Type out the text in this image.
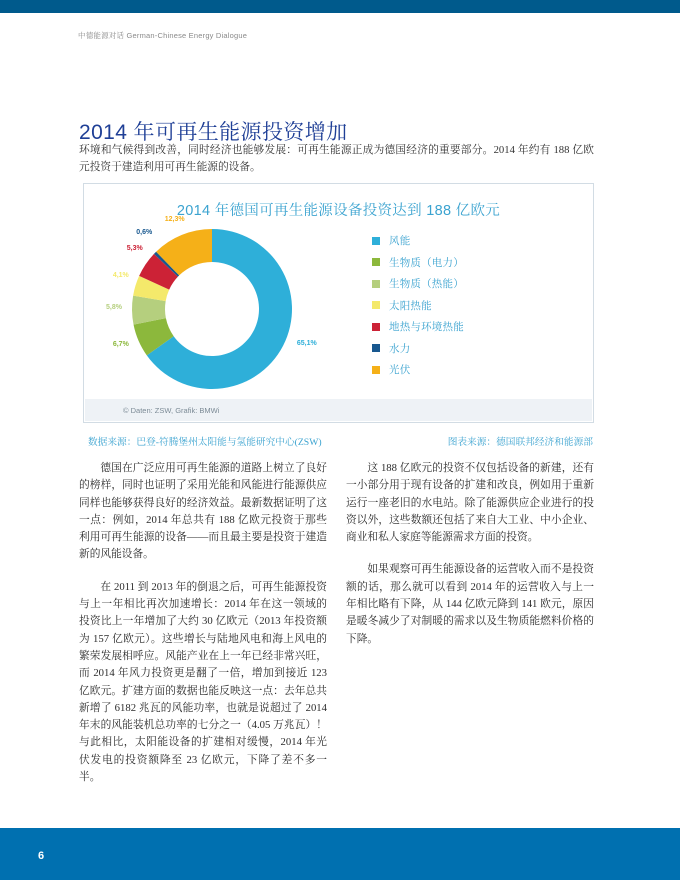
中德能源对话 German-Chinese Energy Dialogue
2014 年可再生能源投资增加
环境和气候得到改善，同时经济也能够发展：可再生能源正成为德国经济的重要部分。2014 年约有 188 亿欧元投资于建造利用可再生能源的设备。
2014 年德国可再生能源设备投资达到 188 亿欧元
65,1%
6,7%
5,8%
4,1%
5,3%
0,6%
12,3%
风能
生物质（电力）
生物质（热能）
太阳热能
地热与环境热能
水力
光伏
© Daten: ZSW, Grafik: BMWi
数据来源：巴登-符腾堡州太阳能与氢能研究中心(ZSW)	图表来源：德国联邦经济和能源部

德国在广泛应用可再生能源的道路上树立了良好的榜样，同时也证明了采用光能和风能进行能源供应同样也能够获得良好的经济效益。最新数据证明了这一点：例如，2014 年总共有 188 亿欧元投资于那些利用可再生能源的设备——而且最主要是投资于建造新的风能设备。

在 2011 到 2013 年的倒退之后，可再生能源投资与上一年相比再次加速增长：2014 年在这一领域的投资比上一年增加了大约 30 亿欧元（2013 年投资额为 157 亿欧元）。这些增长与陆地风电和海上风电的繁荣发展相呼应。风能产业在上一年已经非常兴旺，而 2014 年风力投资更是翻了一倍，增加到接近 123 亿欧元。扩建方面的数据也能反映这一点：去年总共新增了 6182 兆瓦的风能功率，也就是说超过了 2014 年末的风能装机总功率的七分之一（4.05 万兆瓦）！与此相比，太阳能设备的扩建相对缓慢，2014 年光伏发电的投资额降至 23 亿欧元，下降了差不多一半。

这 188 亿欧元的投资不仅包括设备的新建，还有一小部分用于现有设备的扩建和改良，例如用于重新运行一座老旧的水电站。除了能源供应企业进行的投资以外，这些数额还包括了来自大工业、中小企业、商业和私人家庭等能源需求方面的投资。

如果观察可再生能源设备的运营收入而不是投资额的话，那么就可以看到 2014 年的运营收入与上一年相比略有下降，从 144 亿欧元降到 141 欧元，原因是暖冬减少了对制暖的需求以及生物质能燃料价格的下降。

6
